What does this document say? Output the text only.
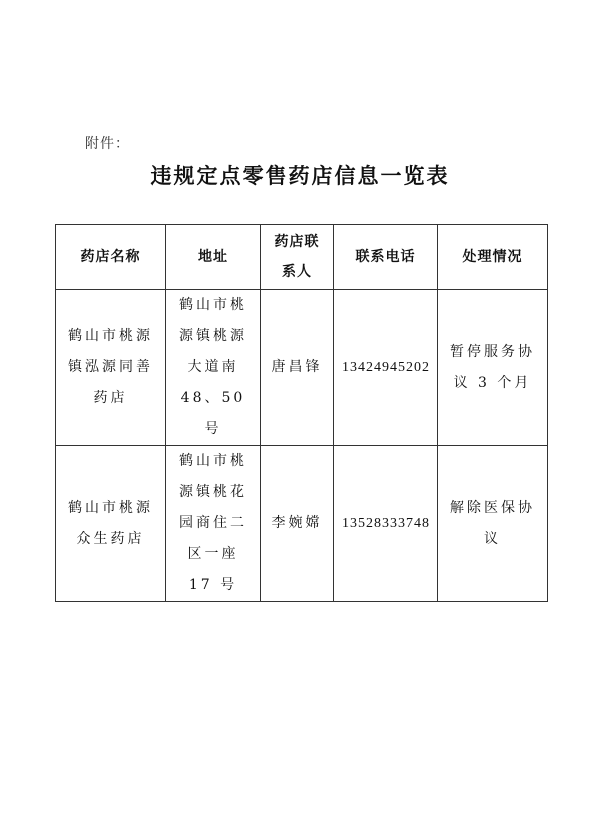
附件：
违规定点零售药店信息一览表
药店名称	地址	药店联系人	联系电话	处理情况
鹤山市桃源镇泓源同善药店	鹤山市桃源镇桃源大道南 48、50 号	唐昌锋	13424945202	暂停服务协议 3 个月
鹤山市桃源众生药店	鹤山市桃源镇桃花园商住二区一座 17 号	李婉嫦	13528333748	解除医保协议
